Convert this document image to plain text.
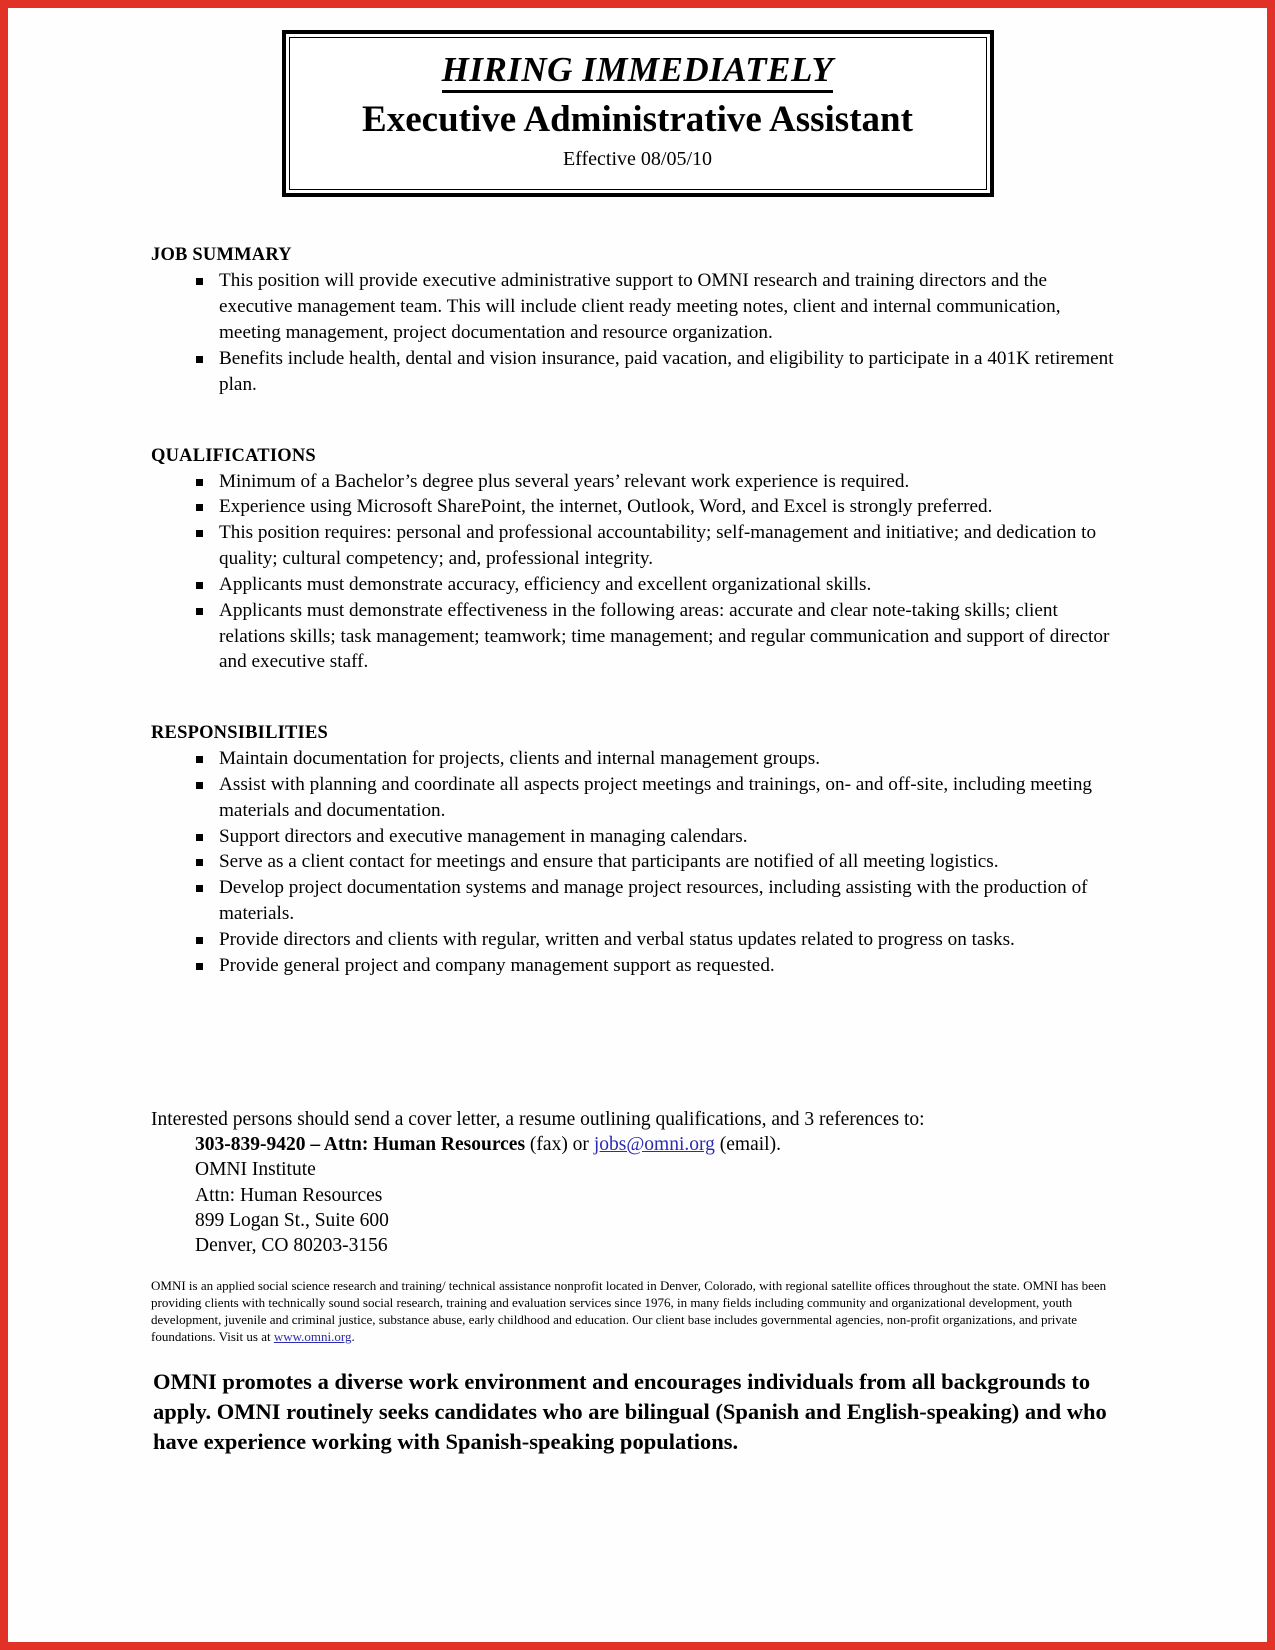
HIRING IMMEDIATELY
Executive Administrative Assistant
Effective 08/05/10
JOB SUMMARY
This position will provide executive administrative support to OMNI research and training directors and the executive management team. This will include client ready meeting notes, client and internal communication, meeting management, project documentation and resource organization.
Benefits include health, dental and vision insurance, paid vacation, and eligibility to participate in a 401K retirement plan.
QUALIFICATIONS
Minimum of a Bachelor’s degree plus several years’ relevant work experience is required.
Experience using Microsoft SharePoint, the internet, Outlook, Word, and Excel is strongly preferred.
This position requires: personal and professional accountability; self-management and initiative; and dedication to quality; cultural competency; and, professional integrity.
Applicants must demonstrate accuracy, efficiency and excellent organizational skills.
Applicants must demonstrate effectiveness in the following areas: accurate and clear note-taking skills; client relations skills; task management; teamwork; time management; and regular communication and support of director and executive staff.
RESPONSIBILITIES
Maintain documentation for projects, clients and internal management groups.
Assist with planning and coordinate all aspects project meetings and trainings, on- and off-site, including meeting materials and documentation.
Support directors and executive management in managing calendars.
Serve as a client contact for meetings and ensure that participants are notified of all meeting logistics.
Develop project documentation systems and manage project resources, including assisting with the production of materials.
Provide directors and clients with regular, written and verbal status updates related to progress on tasks.
Provide general project and company management support as requested.

Interested persons should send a cover letter, a resume outlining qualifications, and 3 references to:

303-839-9420 – Attn: Human Resources (fax) or jobs@omni.org (email).

OMNI Institute

Attn: Human Resources

899 Logan St., Suite 600

Denver, CO 80203-3156

OMNI is an applied social science research and training/ technical assistance nonprofit located in Denver, Colorado, with regional satellite offices throughout the state. OMNI has been providing clients with technically sound social research, training and evaluation services since 1976, in many fields including community and organizational development, youth development, juvenile and criminal justice, substance abuse, early childhood and education. Our client base includes governmental agencies, non-profit organizations, and private foundations. Visit us at www.omni.org.

OMNI promotes a diverse work environment and encourages individuals from all backgrounds to apply. OMNI routinely seeks candidates who are bilingual (Spanish and English-speaking) and who have experience working with Spanish-speaking populations.
